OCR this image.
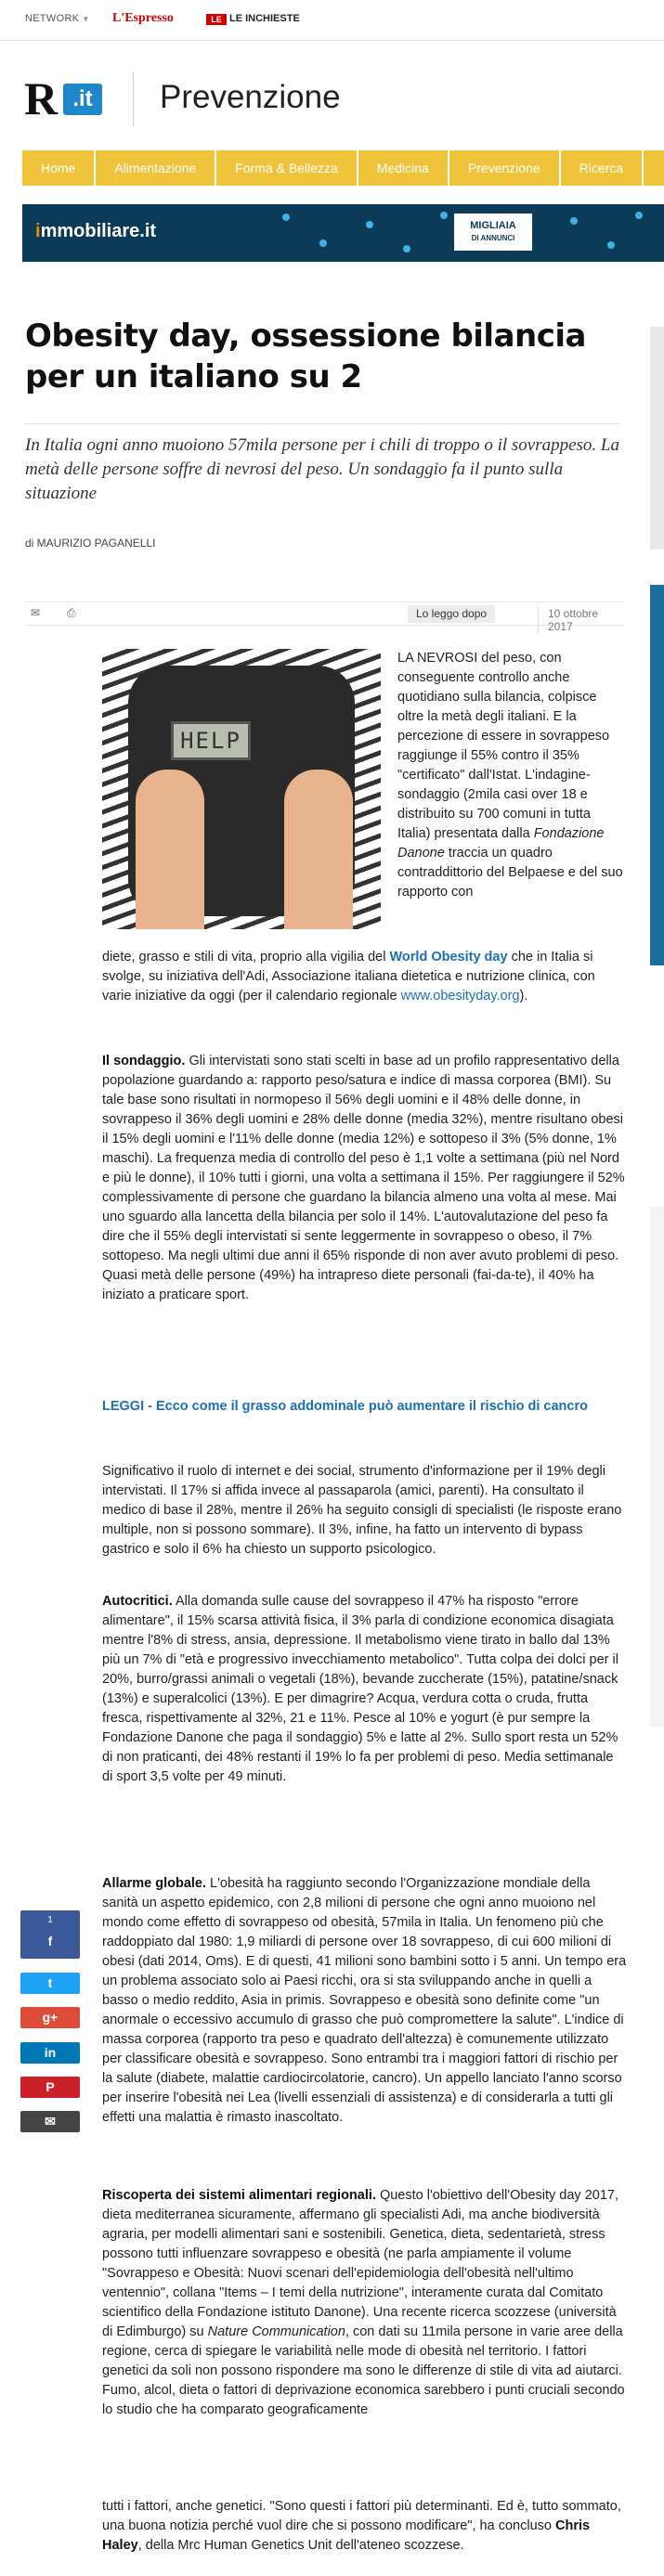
NETWORK ▼ L'Espresso	LE LE INCHIESTE
R .it Prevenzione
Home	Alimentazione	Forma & Bellezza	Medicina	Prevenzione	Ricerca
immobiliare.it	MIGLIAIA
DI ANNUNCI
Obesity day, ossessione bilancia per un italiano su 2

In Italia ogni anno muoiono 57mila persone per i chili di troppo o il sovrappeso. La metà delle persone soffre di nevrosi del peso. Un sondaggio fa il punto sulla situazione

di MAURIZIO PAGANELLI
✉	⎙	Lo leggo dopo	10 ottobre 2017
HELP
LA NEVROSI del peso, con conseguente controllo anche quotidiano sulla bilancia, colpisce oltre la metà degli italiani. E la percezione di essere in sovrappeso raggiunge il 55% contro il 35% "certificato" dall'Istat. L'indagine-sondaggio (2mila casi over 18 e distribuito su 700 comuni in tutta Italia) presentata dalla Fondazione Danone traccia un quadro contraddittorio del Belpaese e del suo rapporto con
diete, grasso e stili di vita, proprio alla vigilia del World Obesity day che in Italia si svolge, su iniziativa dell'Adi, Associazione italiana dietetica e nutrizione clinica, con varie iniziative da oggi (per il calendario regionale www.obesityday.org).
Il sondaggio. Gli intervistati sono stati scelti in base ad un profilo rappresentativo della popolazione guardando a: rapporto peso/satura e indice di massa corporea (BMI). Su tale base sono risultati in normopeso il 56% degli uomini e il 48% delle donne, in sovrappeso il 36% degli uomini e 28% delle donne (media 32%), mentre risultano obesi il 15% degli uomini e l'11% delle donne (media 12%) e sottopeso il 3% (5% donne, 1% maschi). La frequenza media di controllo del peso è 1,1 volte a settimana (più nel Nord e più le donne), il 10% tutti i giorni, una volta a settimana il 15%. Per raggiungere il 52% complessivamente di persone che guardano la bilancia almeno una volta al mese. Mai uno sguardo alla lancetta della bilancia per solo il 14%. L'autovalutazione del peso fa dire che il 55% degli intervistati si sente leggermente in sovrappeso o obeso, il 7% sottopeso. Ma negli ultimi due anni il 65% risponde di non aver avuto problemi di peso. Quasi metà delle persone (49%) ha intrapreso diete personali (fai-da-te), il 40% ha iniziato a praticare sport.
LEGGI - Ecco come il grasso addominale può aumentare il rischio di cancro
Significativo il ruolo di internet e dei social, strumento d'informazione per il 19% degli intervistati. Il 17% si affida invece al passaparola (amici, parenti). Ha consultato il medico di base il 28%, mentre il 26% ha seguito consigli di specialisti (le risposte erano multiple, non si possono sommare). Il 3%, infine, ha fatto un intervento di bypass gastrico e solo il 6% ha chiesto un supporto psicologico.
Autocritici. Alla domanda sulle cause del sovrappeso il 47% ha risposto "errore alimentare", il 15% scarsa attività fisica, il 3% parla di condizione economica disagiata mentre l'8% di stress, ansia, depressione. Il metabolismo viene tirato in ballo dal 13% più un 7% di "età e progressivo invecchiamento metabolico". Tutta colpa dei dolci per il 20%, burro/grassi animali o vegetali (18%), bevande zuccherate (15%), patatine/snack (13%) e superalcolici (13%). E per dimagrire? Acqua, verdura cotta o cruda, frutta fresca, rispettivamente al 32%, 21 e 11%. Pesce al 10% e yogurt (è pur sempre la Fondazione Danone che paga il sondaggio) 5% e latte al 2%. Sullo sport resta un 52% di non praticanti, dei 48% restanti il 19% lo fa per problemi di peso. Media settimanale di sport 3,5 volte per 49 minuti.
Allarme globale. L'obesità ha raggiunto secondo l'Organizzazione mondiale della sanità un aspetto epidemico, con 2,8 milioni di persone che ogni anno muoiono nel mondo come effetto di sovrappeso od obesità, 57mila in Italia. Un fenomeno più che raddoppiato dal 1980: 1,9 miliardi di persone over 18 sovrappeso, di cui 600 milioni di obesi (dati 2014, Oms). E di questi, 41 milioni sono bambini sotto i 5 anni. Un tempo era un problema associato solo ai Paesi ricchi, ora si sta sviluppando anche in quelli a basso o medio reddito, Asia in primis. Sovrappeso e obesità sono definite come "un anormale o eccessivo accumulo di grasso che può compromettere la salute". L'indice di massa corporea (rapporto tra peso e quadrato dell'altezza) è comunemente utilizzato per classificare obesità e sovrappeso. Sono entrambi tra i maggiori fattori di rischio per la salute (diabete, malattie cardiocircolatorie, cancro). Un appello lanciato l'anno scorso per inserire l'obesità nei Lea (livelli essenziali di assistenza) e di considerarla a tutti gli effetti una malattia è rimasto inascoltato.
Riscoperta dei sistemi alimentari regionali. Questo l'obiettivo dell'Obesity day 2017, dieta mediterranea sicuramente, affermano gli specialisti Adi, ma anche biodiversità agraria, per modelli alimentari sani e sostenibili. Genetica, dieta, sedentarietà, stress possono tutti influenzare sovrappeso e obesità (ne parla ampiamente il volume "Sovrappeso e Obesità: Nuovi scenari dell'epidemiologia dell'obesità nell'ultimo ventennio", collana "Items – I temi della nutrizione", interamente curata dal Comitato scientifico della Fondazione istituto Danone). Una recente ricerca scozzese (università di Edimburgo) su Nature Communication, con dati su 11mila persone in varie aree della regione, cerca di spiegare le variabilità nelle mode di obesità nel territorio. I fattori genetici da soli non possono rispondere ma sono le differenze di stile di vita ad aiutarci. Fumo, alcol, dieta o fattori di deprivazione economica sarebbero i punti cruciali secondo lo studio che ha comparato geograficamente
tutti i fattori, anche genetici. "Sono questi i fattori più determinanti. Ed è, tutto sommato, una buona notizia perché vuol dire che si possono modificare", ha concluso Chris Haley, della Mrc Human Genetics Unit dell'ateneo scozzese.
1
f
t
g+
in
P
✉
